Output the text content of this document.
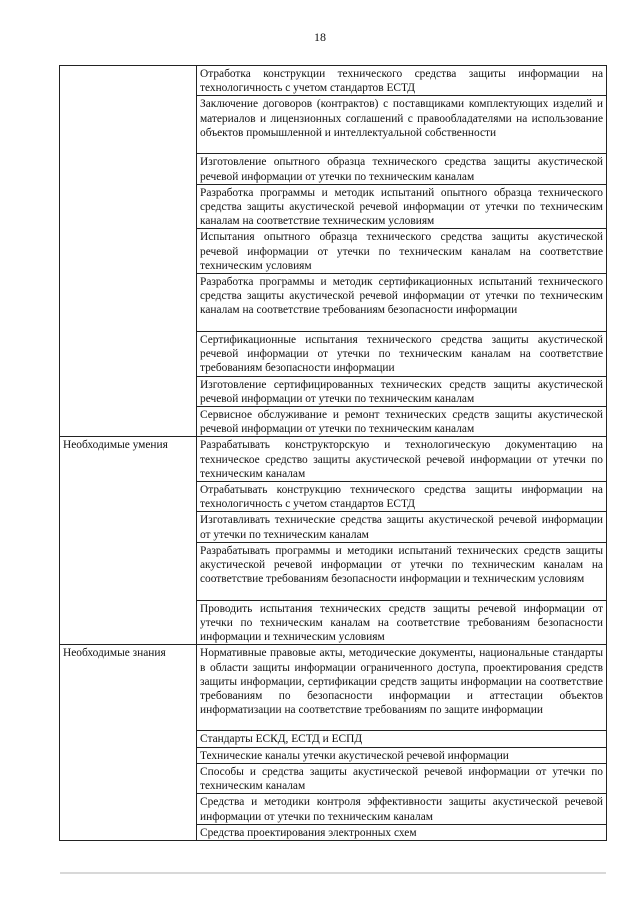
18
	Отработка конструкции технического средства защиты информации на технологичность с учетом стандартов ЕСТД
	Заключение договоров (контрактов) с поставщиками комплектующих изделий и материалов и лицензионных соглашений с правообладателями на использование объектов промышленной и интеллектуальной собственности
	Изготовление опытного образца технического средства защиты акустической речевой информации от утечки по техническим каналам
	Разработка программы и методик испытаний опытного образца технического средства защиты акустической речевой информации от утечки по техническим каналам на соответствие техническим условиям
	Испытания опытного образца технического средства защиты акустической речевой информации от утечки по техническим каналам на соответствие техническим условиям
	Разработка программы и методик сертификационных испытаний технического средства защиты акустической речевой информации от утечки по техническим каналам на соответствие требованиям безопасности информации
	Сертификационные испытания технического средства защиты акустической речевой информации от утечки по техническим каналам на соответствие требованиям безопасности информации
	Изготовление сертифицированных технических средств защиты акустической речевой информации от утечки по техническим каналам
	Сервисное обслуживание и ремонт технических средств защиты акустической речевой информации от утечки по техническим каналам
Необходимые умения	Разрабатывать конструкторскую и технологическую документацию на техническое средство защиты акустической речевой информации от утечки по техническим каналам
	Отрабатывать конструкцию технического средства защиты информации на технологичность с учетом стандартов ЕСТД
	Изготавливать технические средства защиты акустической речевой информации от утечки по техническим каналам
	Разрабатывать программы и методики испытаний технических средств защиты акустической речевой информации от утечки по техническим каналам на соответствие требованиям безопасности информации и техническим условиям
	Проводить испытания технических средств защиты речевой информации от утечки по техническим каналам на соответствие требованиям безопасности информации и техническим условиям
Необходимые знания	Нормативные правовые акты, методические документы, национальные стандарты в области защиты информации ограниченного доступа, проектирования средств защиты информации, сертификации средств защиты информации на соответствие требованиям по безопасности информации и аттестации объектов информатизации на соответствие требованиям по защите информации
	Стандарты ЕСКД, ЕСТД и ЕСПД
	Технические каналы утечки акустической речевой информации
	Способы и средства защиты акустической речевой информации от утечки по техническим каналам
	Средства и методики контроля эффективности защиты акустической речевой информации от утечки по техническим каналам
	Средства проектирования электронных схем
